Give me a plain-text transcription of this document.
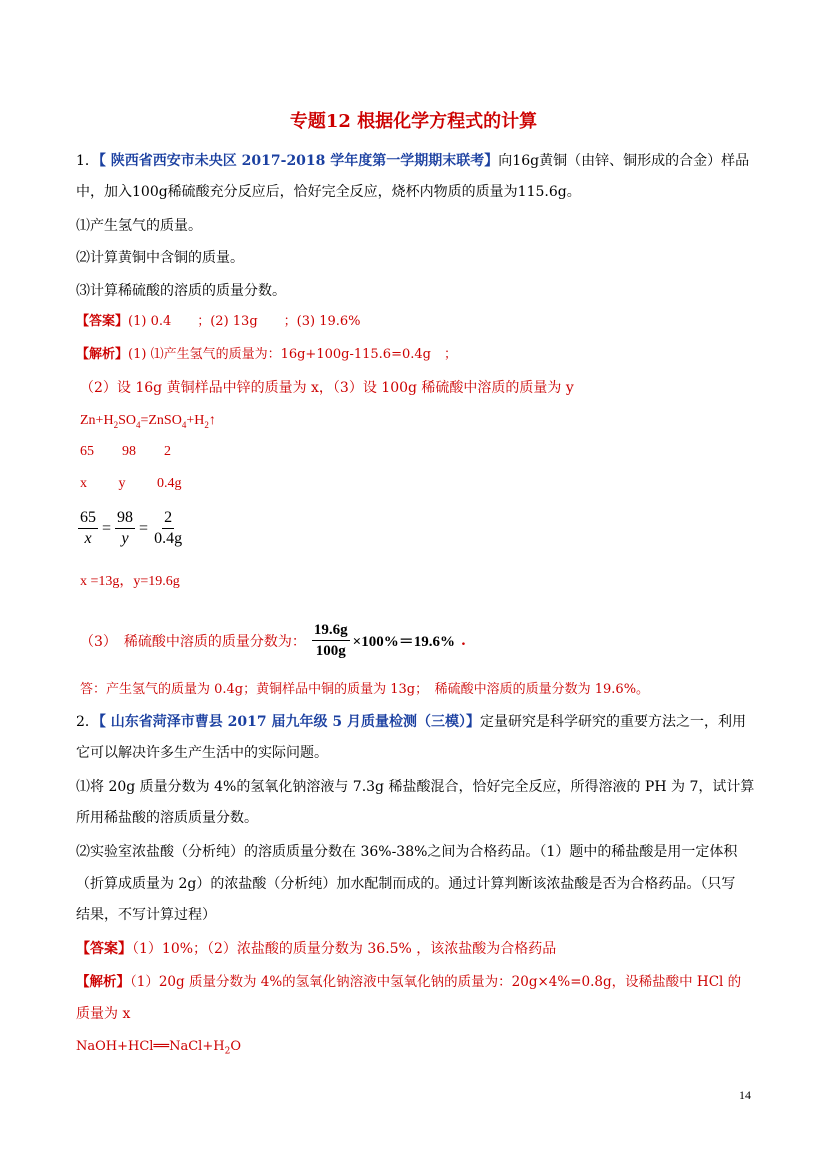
专题12 根据化学方程式的计算
1．【 陕西省西安市未央区 2017-2018 学年度第一学期期末联考】向16g黄铜（由锌、铜形成的合金）样品
中，加入100g稀硫酸充分反应后，恰好完全反应，烧杯内物质的质量为115.6g。
⑴产生氢气的质量。
⑵计算黄铜中含铜的质量。
⑶计算稀硫酸的溶质的质量分数。
【答案】(1) 0.4　　；(2) 13g　　；(3) 19.6%
【解析】(1) ⑴产生氢气的质量为：16g+100g-115.6=0.4g　；
（2）设 16g 黄铜样品中锌的质量为 x，（3）设 100g 稀硫酸中溶质的质量为 y
$Zn+H_2SO_4=ZnSO_4+H_2↑$
65　　98　　2
x　　 y　　 0.4g
$\frac{65}{x} = \frac{98}{y} = \frac{2}{0.4g}$
x =13g，y=19.6g
（3）　稀硫酸中溶质的质量分数为： $\frac{19.6g}{100g} \times 100\%=19.6\%$ .
答：产生氢气的质量为 0.4g；黄铜样品中铜的质量为 13g；　稀硫酸中溶质的质量分数为 19.6%。
2．【 山东省菏泽市曹县 2017 届九年级 5 月质量检测（三模）】定量研究是科学研究的重要方法之一，利用
它可以解决许多生产生活中的实际问题。
⑴将 20g 质量分数为 4%的氢氧化钠溶液与 7.3g 稀盐酸混合，恰好完全反应，所得溶液的 PH 为 7，试计算
所用稀盐酸的溶质质量分数。
⑵实验室浓盐酸（分析纯）的溶质质量分数在 36%-38%之间为合格药品。（1）题中的稀盐酸是用一定体积
（折算成质量为 2g）的浓盐酸（分析纯）加水配制而成的。通过计算判断该浓盐酸是否为合格药品。（只写
结果，不写计算过程）
【答案】（1）10%；（2）浓盐酸的质量分数为 36.5% ，该浓盐酸为合格药品
【解析】（1）20g 质量分数为 4%的氢氧化钠溶液中氢氧化钠的质量为：20g×4%=0.8g，设稀盐酸中 HCl 的
质量为 x
$NaOH+HCl══NaCl+H_2O$
14
